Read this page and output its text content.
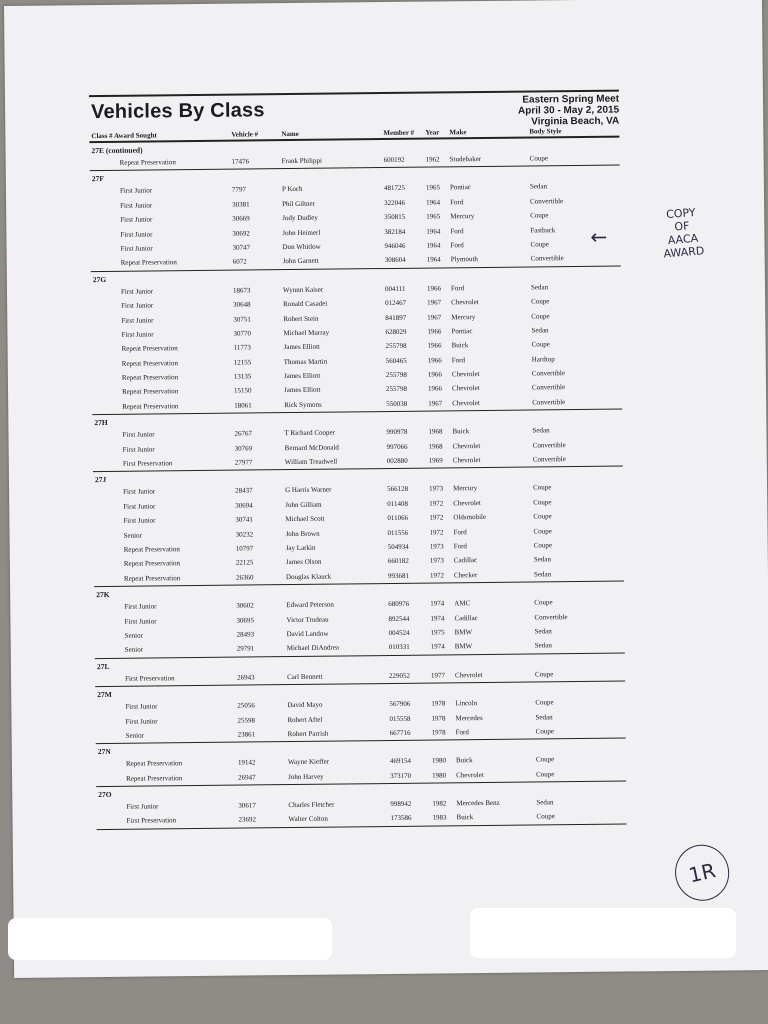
Vehicles By Class	Eastern Spring Meet
April 30 - May 2, 2015
Virginia Beach, VA
Class # Award Sought	Vehicle #	Name	Member #	Year	Make	Body Style
27E (continued)
Repeat Preservation	17476	Frank Philippi	600192	1962	Studebaker	Coupe
27F
First Junior	7797	P Koch	481725	1965	Pontiac	Sedan
First Junior	30381	Phil Giltner	322046	1964	Ford	Convertible
First Junior	30669	Jody Dudley	350815	1965	Mercury	Coupe
First Junior	30692	John Heimerl	382184	1964	Ford	Fastback
First Junior	30747	Don Whitlow	946046	1964	Ford	Coupe
Repeat Preservation	6072	John Garnett	308604	1964	Plymouth	Convertible
27G
First Junior	18673	Wynnn Kaiser	004111	1966	Ford	Sedan
First Junior	30648	Ronald Casadei	012467	1967	Chevrolet	Coupe
First Junior	30751	Robert Stein	841897	1967	Mercury	Coupe
First Junior	30770	Michael Murray	628029	1966	Pontiac	Sedan
Repeat Preservation	11773	James Elliott	255798	1966	Buick	Coupe
Repeat Preservation	12155	Thomas Martin	560465	1966	Ford	Hardtop
Repeat Preservation	13135	James Elliott	255798	1966	Chevrolet	Convertible
Repeat Preservation	15150	James Elliott	255798	1966	Chevrolet	Convertible
Repeat Preservation	18061	Rick Symons	550038	1967	Chevrolet	Convertible
27H
First Junior	26767	T Richard Cooper	990978	1968	Buick	Sedan
First Junior	30769	Bernard McDonald	997066	1968	Chevrolet	Convertible
First Preservation	27977	William Treadwell	002880	1969	Chevrolet	Convertible
27J
First Junior	28437	G Harris Warner	566128	1973	Mercury	Coupe
First Junior	30694	John Gilliam	011408	1972	Chevrolet	Coupe
First Junior	30741	Michael Scott	011066	1972	Oldsmobile	Coupe
Senior	30232	John Brown	011556	1972	Ford	Coupe
Repeat Preservation	10797	Jay Larkin	504934	1973	Ford	Coupe
Repeat Preservation	22125	James Olson	660182	1973	Cadillac	Sedan
Repeat Preservation	26360	Douglas Klauck	993681	1972	Checker	Sedan
27K
First Junior	30602	Edward Peterson	680976	1974	AMC	Coupe
First Junior	30695	Victor Trudeau	892544	1974	Cadillac	Convertible
Senior	28493	David Landow	004524	1975	BMW	Sedan
Senior	29791	Michael DiAndrea	010331	1974	BMW	Sedan
27L
First Preservation	26943	Carl Bennett	229052	1977	Chevrolet	Coupe
27M
First Junior	25056	David Mayo	567906	1978	Lincoln	Coupe
First Junior	25598	Robert Aftel	015558	1978	Mercedes	Sedan
Senior	23861	Robert Parrish	667716	1978	Ford	Coupe
27N
Repeat Preservation	19142	Wayne Kieffer	469154	1980	Buick	Coupe
Repeat Preservation	26947	John Harvey	373170	1980	Chevrolet	Coupe
27O
First Junior	30617	Charles Fletcher	998942	1982	Mercedes Benz	Sedan
First Preservation	23692	Walter Colton	173586	1983	Buick	Coupe
COPY
OF
AACA
AWARD
←
1R
